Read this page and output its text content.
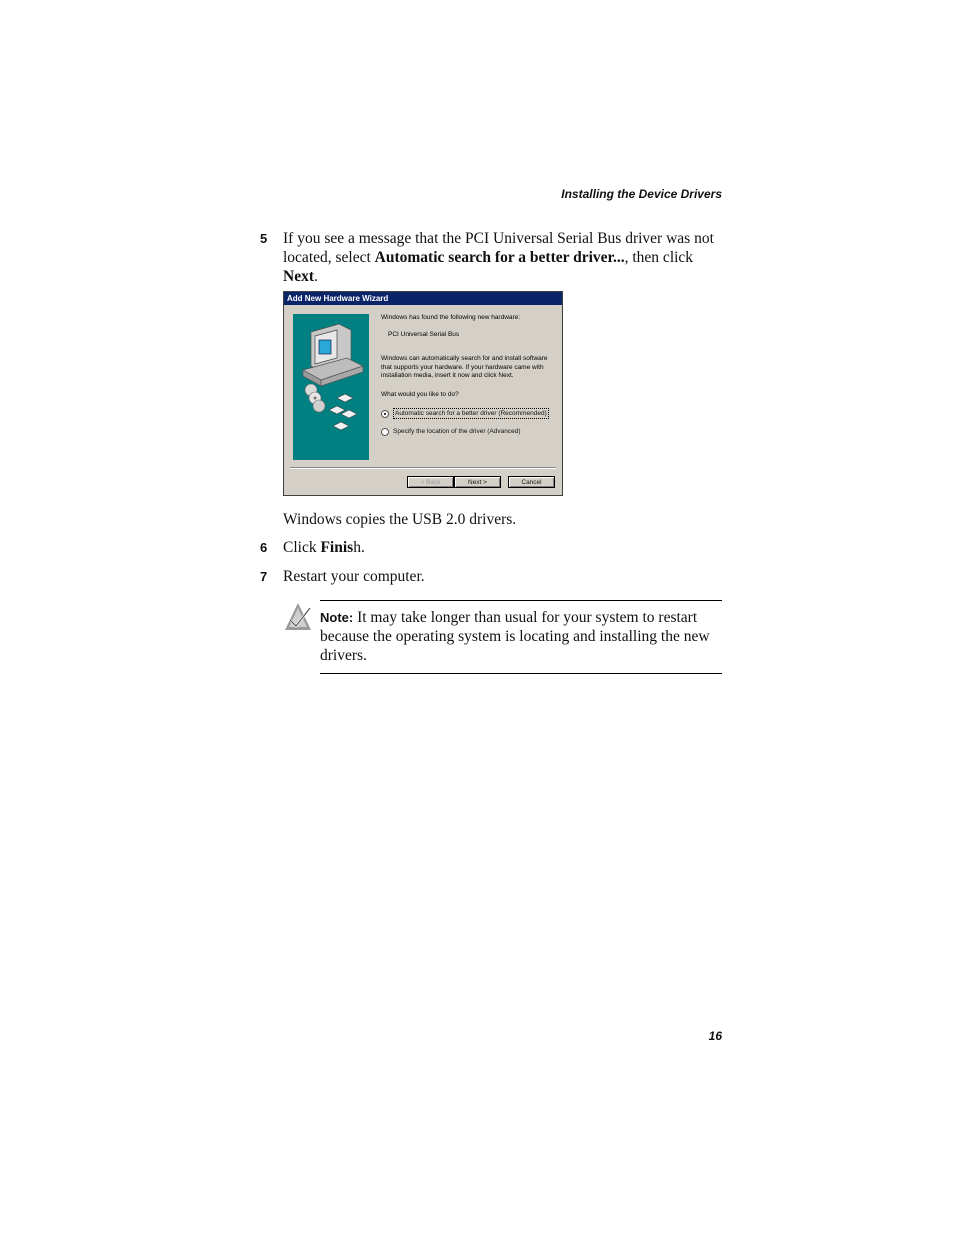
Installing the Device Drivers
5 If you see a message that the PCI Universal Serial Bus driver was not located, select Automatic search for a better driver..., then click Next.
Add New Hardware Wizard
Windows has found the following new hardware:
PCI Universal Serial Bus
Windows can automatically search for and install software that supports your hardware. If your hardware came with installation media, insert it now and click Next.
What would you like to do?
Automatic search for a better driver (Recommended)
Specify the location of the driver (Advanced)
< Back	Next >	Cancel
Windows copies the USB 2.0 drivers.
6 Click Finish.
7 Restart your computer.
Note: It may take longer than usual for your system to restart because the operating system is locating and installing the new drivers.
16
